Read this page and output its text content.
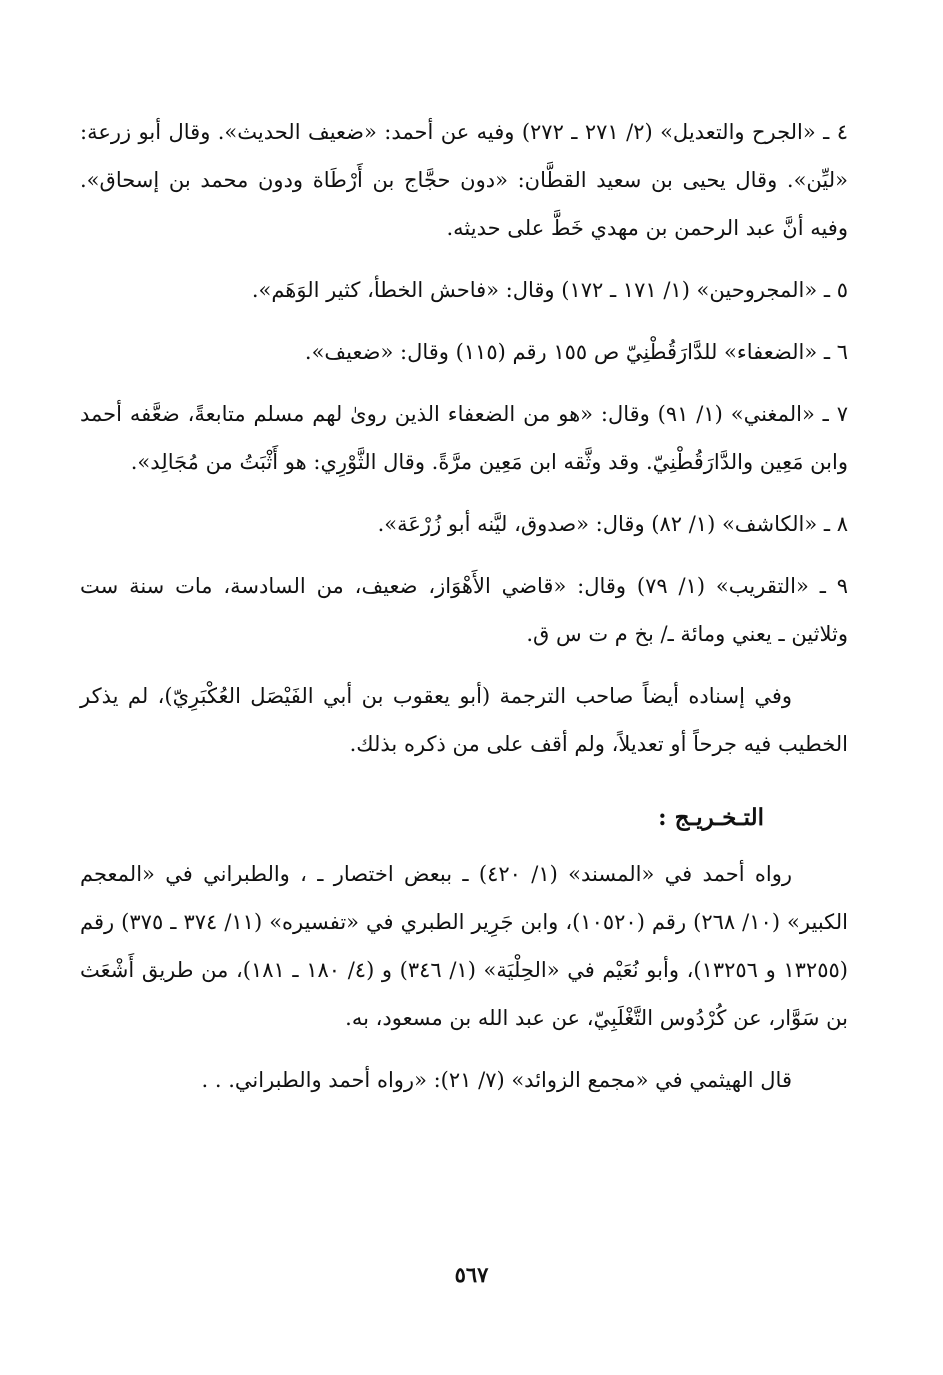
٤ ـ «الجرح والتعديل» (٢/ ٢٧١ ـ ٢٧٢) وفيه عن أحمد: «ضعيف الحديث». وقال أبو زرعة: «ليِّن». وقال يحيى بن سعيد القطَّان: «دون حجَّاج بن أَرْطَاة ودون محمد بن إسحاق». وفيه أنَّ عبد الرحمن بن مهدي خَطَّ على حديثه.

٥ ـ «المجروحين» (١/ ١٧١ ـ ١٧٢) وقال: «فاحش الخطأ، كثير الوَهَم».

٦ ـ «الضعفاء» للدَّارَقُطْنِيّ ص ١٥٥ رقم (١١٥) وقال: «ضعيف».

٧ ـ «المغني» (١/ ٩١) وقال: «هو من الضعفاء الذين روىٰ لهم مسلم متابعةً، ضعَّفه أحمد وابن مَعِين والدَّارَقُطْنِيّ. وقد وثَّقه ابن مَعِين مرَّةً. وقال الثَّوْرِي: هو أَثْبَتُ من مُجَالِد».

٨ ـ «الكاشف» (١/ ٨٢) وقال: «صدوق، ليَّنه أبو زُرْعَة».

٩ ـ «التقريب» (١/ ٧٩) وقال: «قاضي الأَهْوَاز، ضعيف، من السادسة، مات سنة ست وثلاثين ـ يعني ومائة ـ/ بخ م ت س ق.

وفي إسناده أيضاً صاحب الترجمة (أبو يعقوب بن أبي الفَيْصَل العُكْبَرِيّ)، لم يذكر الخطيب فيه جرحاً أو تعديلاً، ولم أقف على من ذكره بذلك.

التـخـريـج :

رواه أحمد في «المسند» (١/ ٤٢٠) ـ ببعض اختصار ـ ، والطبراني في «المعجم الكبير» (١٠/ ٢٦٨) رقم (١٠٥٢٠)، وابن جَرِير الطبري في «تفسيره» (١١/ ٣٧٤ ـ ٣٧٥) رقم (١٣٢٥٥ و ١٣٢٥٦)، وأبو نُعَيْم في «الحِلْيَة» (١/ ٣٤٦) و (٤/ ١٨٠ ـ ١٨١)، من طريق أَشْعَث بن سَوَّار، عن كُرْدُوس التَّغْلَبِيّ، عن عبد الله بن مسعود، به.

قال الهيثمي في «مجمع الزوائد» (٧/ ٢١): «رواه أحمد والطبراني. . .

٥٦٧
